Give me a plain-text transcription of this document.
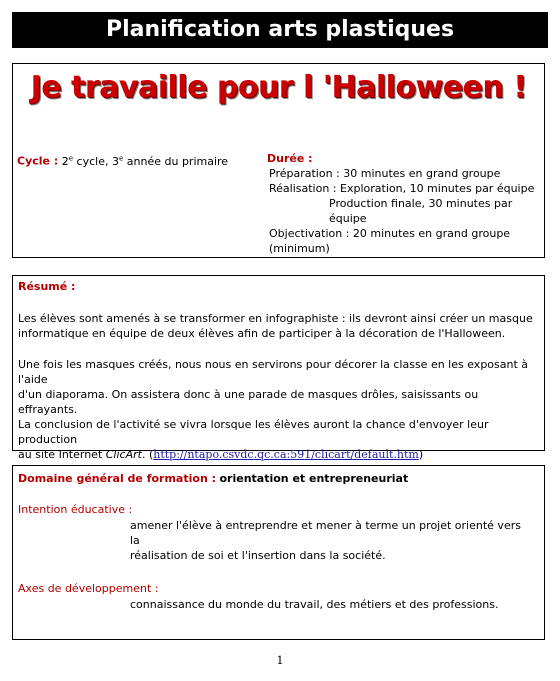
Planification arts plastiques
Je travaille pour l 'Halloween !
Cycle : 2e cycle, 3e année du primaire	Durée :
Préparation : 30 minutes en grand groupe
Réalisation : Exploration, 10 minutes par équipe
Production finale, 30 minutes par équipe
Objectivation : 20 minutes en grand groupe
(minimum)
Résumé :
Les élèves sont amenés à se transformer en infographiste : ils devront ainsi créer un masque
informatique en équipe de deux élèves afin de participer à la décoration de l'Halloween.
Une fois les masques créés, nous nous en servirons pour décorer la classe en les exposant à l'aide
d'un diaporama. On assistera donc à une parade de masques drôles, saisissants ou effrayants.
La conclusion de l'activité se vivra lorsque les élèves auront la chance d'envoyer leur production
au site Internet ClicArt. (http://ntapo.csvdc.qc.ca:591/clicart/default.htm)
Domaine général de formation : orientation et entrepreneuriat
Intention éducative :
amener l'élève à entreprendre et mener à terme un projet orienté vers la
réalisation de soi et l'insertion dans la société.
Axes de développement :
connaissance du monde du travail, des métiers et des professions.
1
